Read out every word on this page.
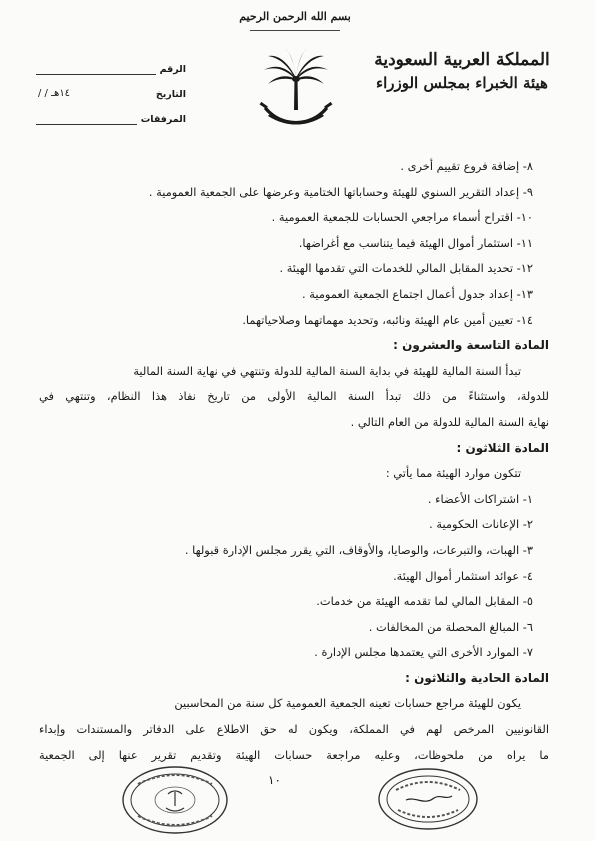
بسم الله الرحمن الرحيم
المملكة العربية السعودية
هيئة الخبراء بمجلس الوزراء
الرقم
التاريخ
١٤هـ / /
المرفقات
٨- إضافة فروع تقييم أخرى .
٩- إعداد التقرير السنوي للهيئة وحساباتها الختامية وعرضها على الجمعية العمومية .
١٠- اقتراح أسماء مراجعي الحسابات للجمعية العمومية .
١١- استثمار أموال الهيئة فيما يتناسب مع أغراضها.
١٢- تحديد المقابل المالي للخدمات التي تقدمها الهيئة .
١٣- إعداد جدول أعمال اجتماع الجمعية العمومية .
١٤- تعيين أمين عام الهيئة ونائبه، وتحديد مهماتهما وصلاحياتهما.
المادة التاسعة والعشرون :
تبدأ السنة المالية للهيئة في بداية السنة المالية للدولة وتنتهي في نهاية السنة المالية
للدولة، واستثناءً من ذلك تبدأ السنة المالية الأولى من تاريخ نفاذ هذا النظام، وتنتهي في
نهاية السنة المالية للدولة من العام التالي .
المادة الثلاثون :
تتكون موارد الهيئة مما يأتي :
١- اشتراكات الأعضاء .
٢- الإعانات الحكومية .
٣- الهبات، والتبرعات، والوصايا، والأوقاف، التي يقرر مجلس الإدارة قبولها .
٤- عوائد استثمار أموال الهيئة.
٥- المقابل المالي لما تقدمه الهيئة من خدمات.
٦- المبالغ المحصلة من المخالفات .
٧- الموارد الأخرى التي يعتمدها مجلس الإدارة .
المادة الحادية والثلاثون :
يكون للهيئة مراجع حسابات تعينه الجمعية العمومية كل سنة من المحاسبين
القانونيين المرخص لهم في المملكة، ويكون له حق الاطلاع على الدفاتر والمستندات وإبداء
ما يراه من ملحوظات، وعليه مراجعة حسابات الهيئة وتقديم تقرير عنها إلى الجمعية
١٠
